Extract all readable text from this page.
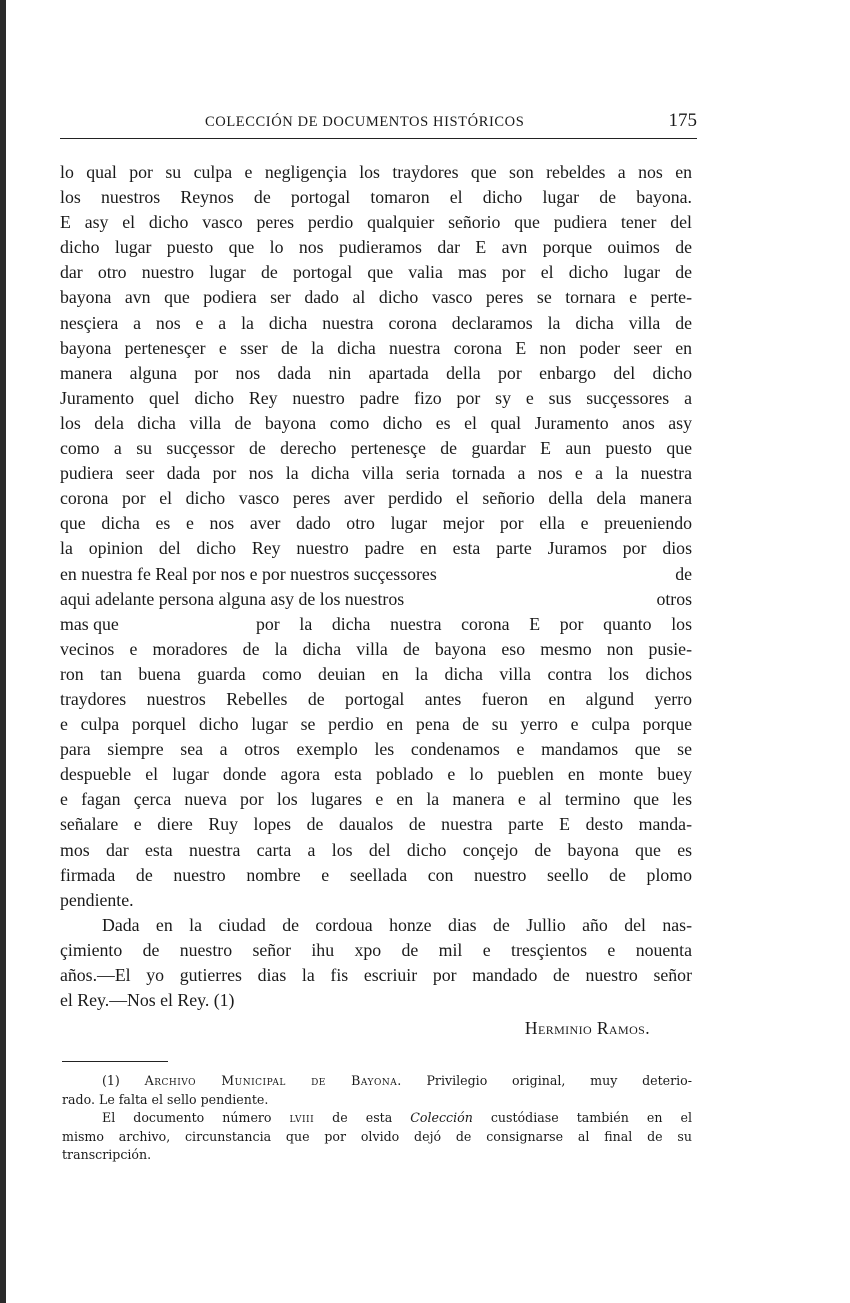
COLECCIÓN DE DOCUMENTOS HISTÓRICOS	175
lo qual por su culpa e negligençia los traydores que son rebeldes a nos en
los nuestros Reynos de portogal tomaron el dicho lugar de bayona.
E asy el dicho vasco peres perdio qualquier señorio que pudiera tener del
dicho lugar puesto que lo nos pudieramos dar E avn porque ouimos de
dar otro nuestro lugar de portogal que valia mas por el dicho lugar de
bayona avn que podiera ser dado al dicho vasco peres se tornara e perte-
nesçiera a nos e a la dicha nuestra corona declaramos la dicha villa de
bayona pertenesçer e sser de la dicha nuestra corona E non poder seer en
manera alguna por nos dada nin apartada della por enbargo del dicho
Juramento quel dicho Rey nuestro padre fizo por sy e sus sucçessores a
los dela dicha villa de bayona como dicho es el qual Juramento anos asy
como a su sucçessor de derecho pertenesçe de guardar E aun puesto que
pudiera seer dada por nos la dicha villa seria tornada a nos e a la nuestra
corona por el dicho vasco peres aver perdido el señorio della dela manera
que dicha es e nos aver dado otro lugar mejor por ella e preueniendo
la opinion del dicho Rey nuestro padre en esta parte Juramos por dios
en nuestra fe Real por nos e por nuestros sucçessores	de
aqui adelante persona alguna asy de los nuestros	otros
mas que	por la dicha nuestra corona E por quanto los
vecinos e moradores de la dicha villa de bayona eso mesmo non pusie-
ron tan buena guarda como deuian en la dicha villa contra los dichos
traydores nuestros Rebelles de portogal antes fueron en algund yerro
e culpa porquel dicho lugar se perdio en pena de su yerro e culpa porque
para siempre sea a otros exemplo les condenamos e mandamos que se
despueble el lugar donde agora esta poblado e lo pueblen en monte buey
e fagan çerca nueva por los lugares e en la manera e al termino que les
señalare e diere Ruy lopes de daualos de nuestra parte E desto manda-
mos dar esta nuestra carta a los del dicho conçejo de bayona que es
firmada de nuestro nombre e seellada con nuestro seello de plomo
pendiente.
Dada en la ciudad de cordoua honze dias de Jullio año del nas-
çimiento de nuestro señor ihu xpo de mil e tresçientos e nouenta
años.—El yo gutierres dias la fis escriuir por mandado de nuestro señor
el Rey.—Nos el Rey. (1)
Herminio Ramos.
(1) Archivo Municipal de Bayona. Privilegio original, muy deterio-
rado. Le falta el sello pendiente.
El documento número lviii de esta Colección custódiase también en el
mismo archivo, circunstancia que por olvido dejó de consignarse al final de su
transcripción.
